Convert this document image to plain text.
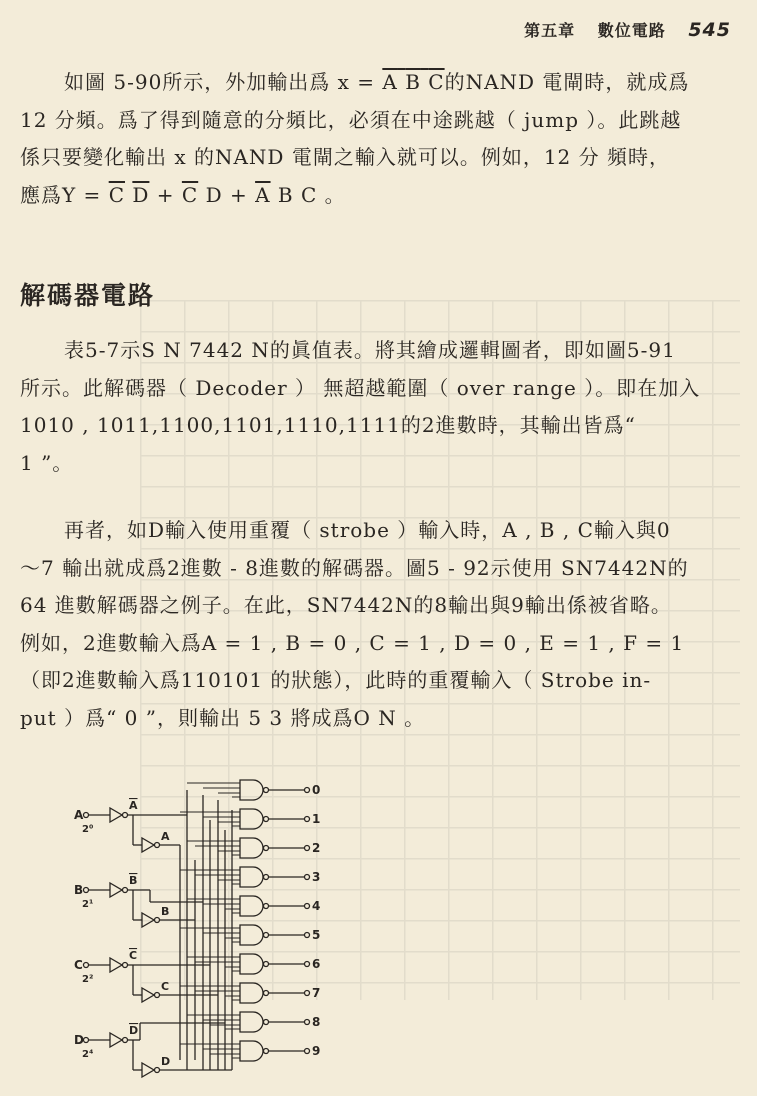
第五章 數位電路 545

如圖 5-90所示，外加輸出爲 x = A B C的NAND 電閘時，就成爲

12 分頻。爲了得到隨意的分頻比，必須在中途跳越（ jump ）。此跳越

係只要變化輸出 x 的NAND 電閘之輸入就可以。例如，12 分 頻時，

應爲$Y = \overline{C}$ $\overline{D} + \overline{C}$ $D + \overline{A}$ B C 。

解碼器電路

表5-7示S N 7442 N的眞值表。將其繪成邏輯圖者，即如圖5-91

所示。此解碼器（ Decoder ） 無超越範圍（ over range ）。即在加入

1010 , 1011,1100,1101,1110,1111的2進數時，其輸出皆爲“

1 ”。

再者，如D輸入使用重覆（ strobe ）輸入時，A , B , C輸入與0

～7 輸出就成爲2進數 - 8進數的解碼器。圖5 - 92示使用 SN7442N的

64 進數解碼器之例子。在此，SN7442N的8輸出與9輸出係被省略。

例如，2進數輸入爲A = 1 , B = 0 , C = 1 , D = 0 , E = 1 , F = 1

（即2進數輸入爲110101 的狀態），此時的重覆輸入（ Strobe in-

put ）爲“ 0 ”，則輸出 5 3 將成爲O N 。

A
2⁰
A
A
B
2¹
B
B
C
2²
C
C
D
2⁴
D
D
0
1
2
3
4
5
6
7
8
9
